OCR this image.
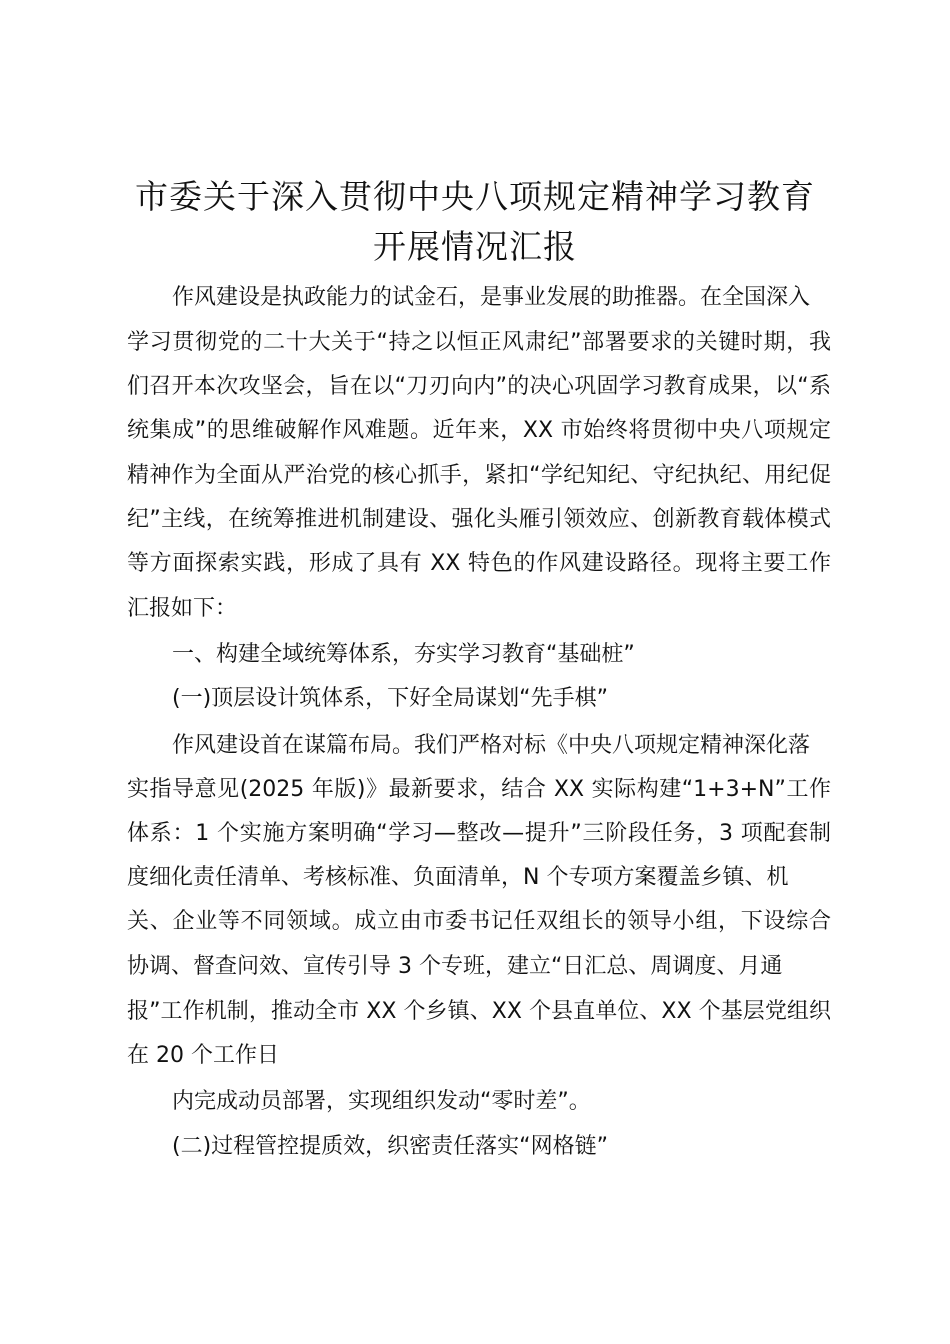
市委关于深入贯彻中央八项规定精神学习教育
开展情况汇报
作风建设是执政能力的试金石，是事业发展的助推器。在全国深入
学习贯彻党的二十大关于“持之以恒正风肃纪”部署要求的关键时期，我
们召开本次攻坚会，旨在以“刀刃向内”的决心巩固学习教育成果，以“系
统集成”的思维破解作风难题。近年来，XX 市始终将贯彻中央八项规定
精神作为全面从严治党的核心抓手，紧扣“学纪知纪、守纪执纪、用纪促
纪”主线，在统筹推进机制建设、强化头雁引领效应、创新教育载体模式
等方面探索实践，形成了具有 XX 特色的作风建设路径。现将主要工作
汇报如下：
一、构建全域统筹体系，夯实学习教育“基础桩”
(一)顶层设计筑体系，下好全局谋划“先手棋”
作风建设首在谋篇布局。我们严格对标《中央八项规定精神深化落
实指导意见(2025 年版)》最新要求，结合 XX 实际构建“1+3+N”工作
体系：1 个实施方案明确“学习—整改—提升”三阶段任务，3 项配套制
度细化责任清单、考核标准、负面清单，N 个专项方案覆盖乡镇、机
关、企业等不同领域。成立由市委书记任双组长的领导小组，下设综合
协调、督查问效、宣传引导 3 个专班，建立“日汇总、周调度、月通
报”工作机制，推动全市 XX 个乡镇、XX 个县直单位、XX 个基层党组织
在 20 个工作日
内完成动员部署，实现组织发动“零时差”。
(二)过程管控提质效，织密责任落实“网格链”
